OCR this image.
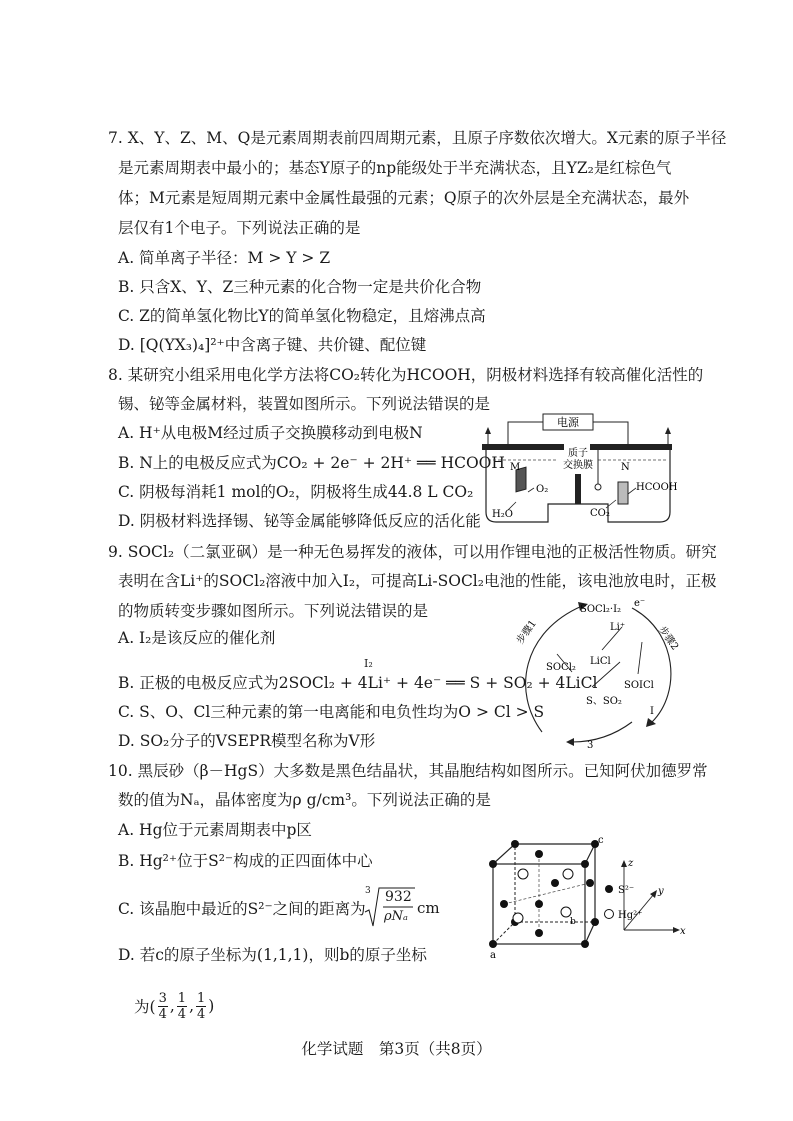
7. X、Y、Z、M、Q是元素周期表前四周期元素，且原子序数依次增大。X元素的原子半径
是元素周期表中最小的；基态Y原子的np能级处于半充满状态，且YZ₂是红棕色气
体；M元素是短周期元素中金属性最强的元素；Q原子的次外层是全充满状态，最外
层仅有1个电子。下列说法正确的是
A. 简单离子半径：M > Y > Z
B. 只含X、Y、Z三种元素的化合物一定是共价化合物
C. Z的简单氢化物比Y的简单氢化物稳定，且熔沸点高
D. [Q(YX₃)₄]²⁺中含离子键、共价键、配位键
8. 某研究小组采用电化学方法将CO₂转化为HCOOH，阴极材料选择有较高催化活性的
锡、铋等金属材料，装置如图所示。下列说法错误的是
A. H⁺从电极M经过质子交换膜移动到电极N
B. N上的电极反应式为CO₂ + 2e⁻ + 2H⁺ ══ HCOOH
C. 阴极每消耗1 mol的O₂，阴极将生成44.8 L CO₂
D. 阴极材料选择锡、铋等金属能够降低反应的活化能
电源
质子
交换膜
M	N
O₂
H₂O
HCOOH
CO₂
9. SOCl₂（二氯亚砜）是一种无色易挥发的液体，可以用作锂电池的正极活性物质。研究
表明在含Li⁺的SOCl₂溶液中加入I₂，可提高Li-SOCl₂电池的性能，该电池放电时，正极
的物质转变步骤如图所示。下列说法错误的是
A. I₂是该反应的催化剂
I₂
B. 正极的电极反应式为2SOCl₂ + 4Li⁺ + 4e⁻ ══ S + SO₂ + 4LiCl
C. S、O、Cl三种元素的第一电离能和电负性均为O > Cl > S
D. SO₂分子的VSEPR模型名称为V形
SOCl₂·I₂
e⁻
Li⁺
步骤1	步骤2
3
SOCl₂
LiCl
SOICl
S、SO₂
I
10. 黑辰砂（β－HgS）大多数是黑色结晶状，其晶胞结构如图所示。已知阿伏加德罗常
数的值为Nₐ，晶体密度为ρ g/cm³。下列说法正确的是
A. Hg位于元素周期表中p区
B. Hg²⁺位于S²⁻构成的正四面体中心
C. 该晶胞中最近的S²⁻之间的距离为
3 932
ρNₐ cm
D. 若c的原子坐标为(1,1,1)，则b的原子坐标
为( $\frac{3}{4}$ , $\frac{1}{4}$ , $\frac{1}{4}$ )
c
a
b
S²⁻
Hg²⁺
z
y
x
化学试题　第3页（共8页）
